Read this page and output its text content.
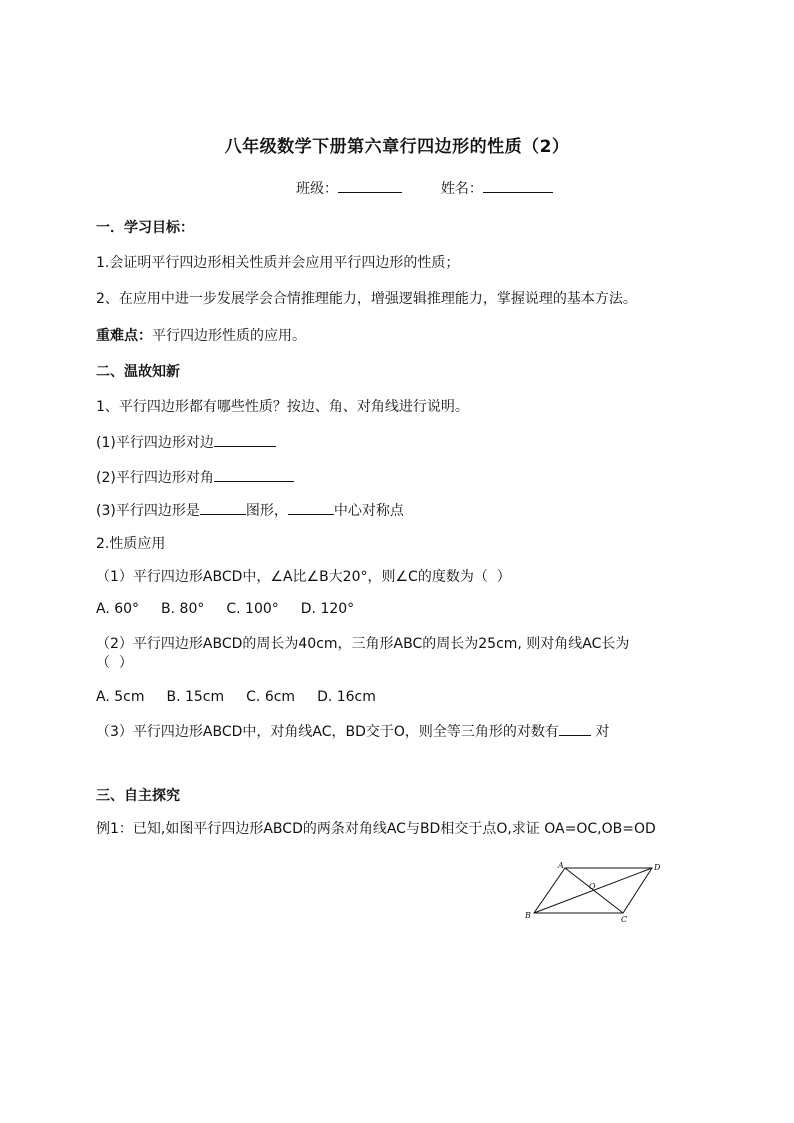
八年级数学下册第六章行四边形的性质（2）
班级：	姓名：
一．学习目标：
1.会证明平行四边形相关性质并会应用平行四边形的性质；
2、在应用中进一步发展学会合情推理能力，增强逻辑推理能力，掌握说理的基本方法。
重难点：平行四边形性质的应用。
二、温故知新
1、平行四边形都有哪些性质？按边、角、对角线进行说明。
(1)平行四边形对边
(2)平行四边形对角
(3)平行四边形是	图形，	中心对称点
2.性质应用
（1）平行四边形ABCD中，∠A比∠B大20°，则∠C的度数为（  ）
A. 60° B. 80° C. 100° D. 120°
（2）平行四边形ABCD的周长为40cm，三角形ABC的周长为25cm, 则对角线AC长为
（  ）
A. 5cm B. 15cm C. 6cm D. 16cm
（3）平行四边形ABCD中，对角线AC，BD交于O，则全等三角形的对数有	对
三、自主探究
例1：已知,如图平行四边形ABCD的两条对角线AC与BD相交于点O,求证 OA=OC,OB=OD
A	D
B	C
O
